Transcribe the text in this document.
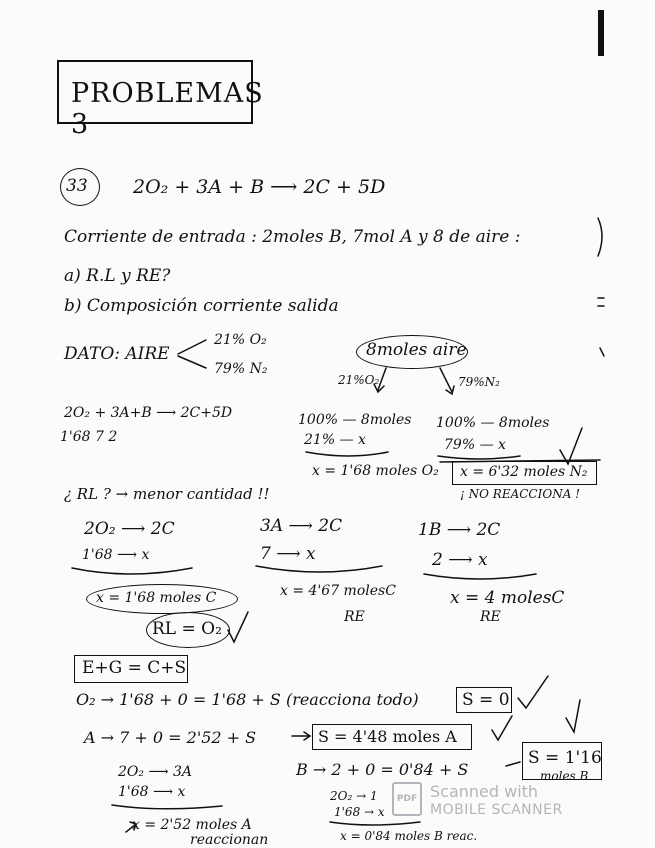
PROBLEMAS 3
33 2O₂ + 3A + B ⟶ 2C + 5D
Corriente de entrada : 2moles B, 7mol A y 8 de aire :
a) R.L y RE?
b) Composición corriente salida
DATO: AIRE
21% O₂
79% N₂
8moles aire
21%O₂	79%N₂
2O₂ + 3A+B ⟶ 2C+5D
1'68 7 2
100% — 8moles
21% — x
x = 1'68 moles O₂
100% — 8moles
79% — x
x = 6'32 moles N₂
¡ NO REACCIONA !
¿ RL ? → menor cantidad !!
2O₂ ⟶ 2C
1'68 ⟶ x
x = 1'68 moles C
3A ⟶ 2C
7 ⟶ x
x = 4'67 molesC
RE
1B ⟶ 2C
2 ⟶ x
x = 4 molesC
RE
RL = O₂
E+G = C+S
O₂ → 1'68 + 0 = 1'68 + S (reacciona todo)	S = 0
A → 7 + 0 = 2'52 + S	S = 4'48 moles A
2O₂ ⟶ 3A
1'68 ⟶ x
x = 2'52 moles A
reaccionan
B → 2 + 0 = 0'84 + S
S = 1'16
moles B
2O₂ → 1
1'68 → x
x = 0'84 moles B reac.
PDF Scanned with
MOBILE SCANNER
